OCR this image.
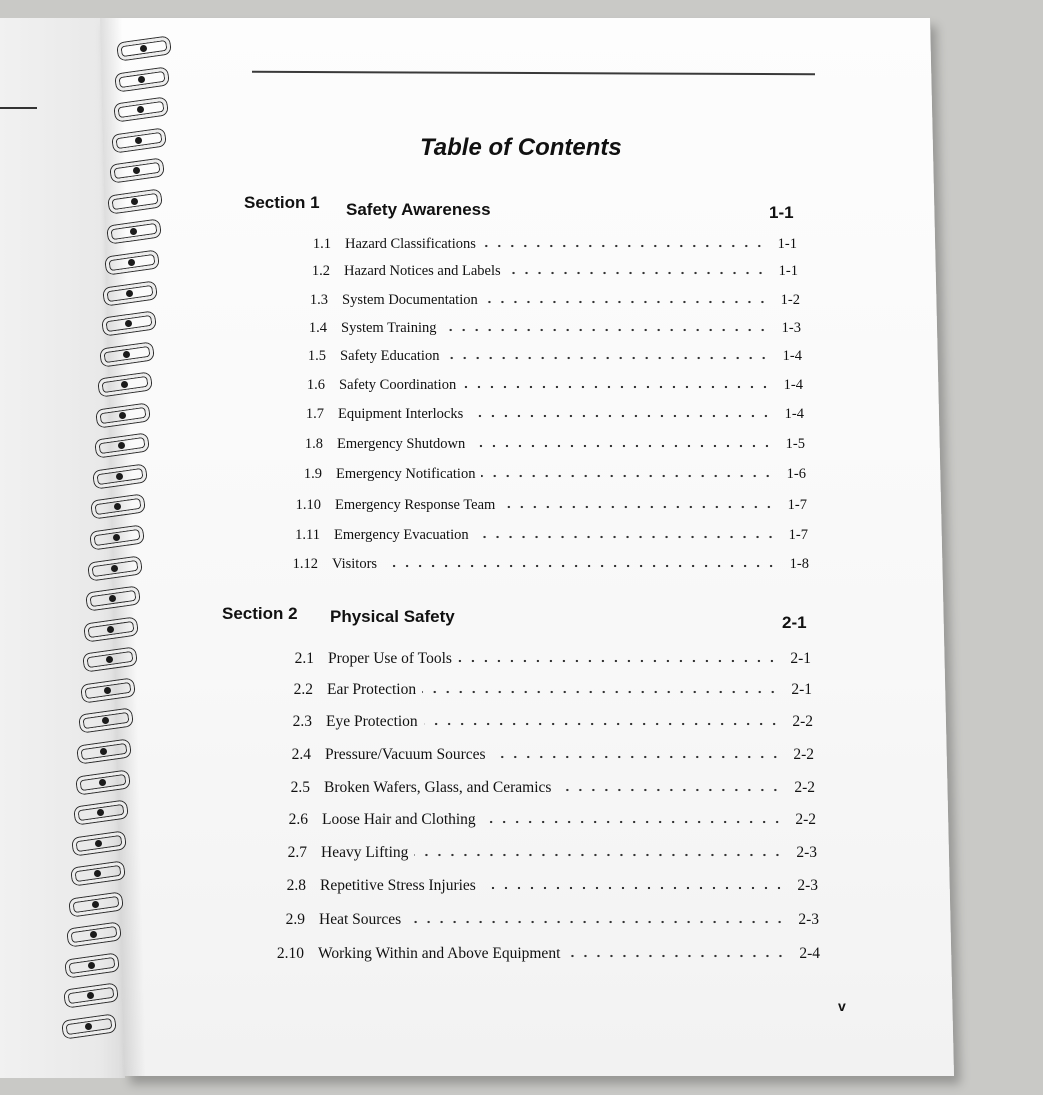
Table of Contents
Section 1 Safety Awareness	1-1
1.1 Hazard Classifications	1-1
1.2 Hazard Notices and Labels	1-1
1.3 System Documentation	1-2
1.4 System Training	1-3
1.5 Safety Education	1-4
1.6 Safety Coordination	1-4
1.7 Equipment Interlocks	1-4
1.8 Emergency Shutdown	1-5
1.9 Emergency Notification	1-6
1.10 Emergency Response Team	1-7
1.11 Emergency Evacuation	1-7
1.12 Visitors	1-8
Section 2 Physical Safety	2-1
2.1 Proper Use of Tools	2-1
2.2 Ear Protection	2-1
2.3 Eye Protection	2-2
2.4 Pressure/Vacuum Sources	2-2
2.5 Broken Wafers, Glass, and Ceramics	2-2
2.6 Loose Hair and Clothing	2-2
2.7 Heavy Lifting	2-3
2.8 Repetitive Stress Injuries	2-3
2.9 Heat Sources	2-3
2.10 Working Within and Above Equipment	2-4
v
